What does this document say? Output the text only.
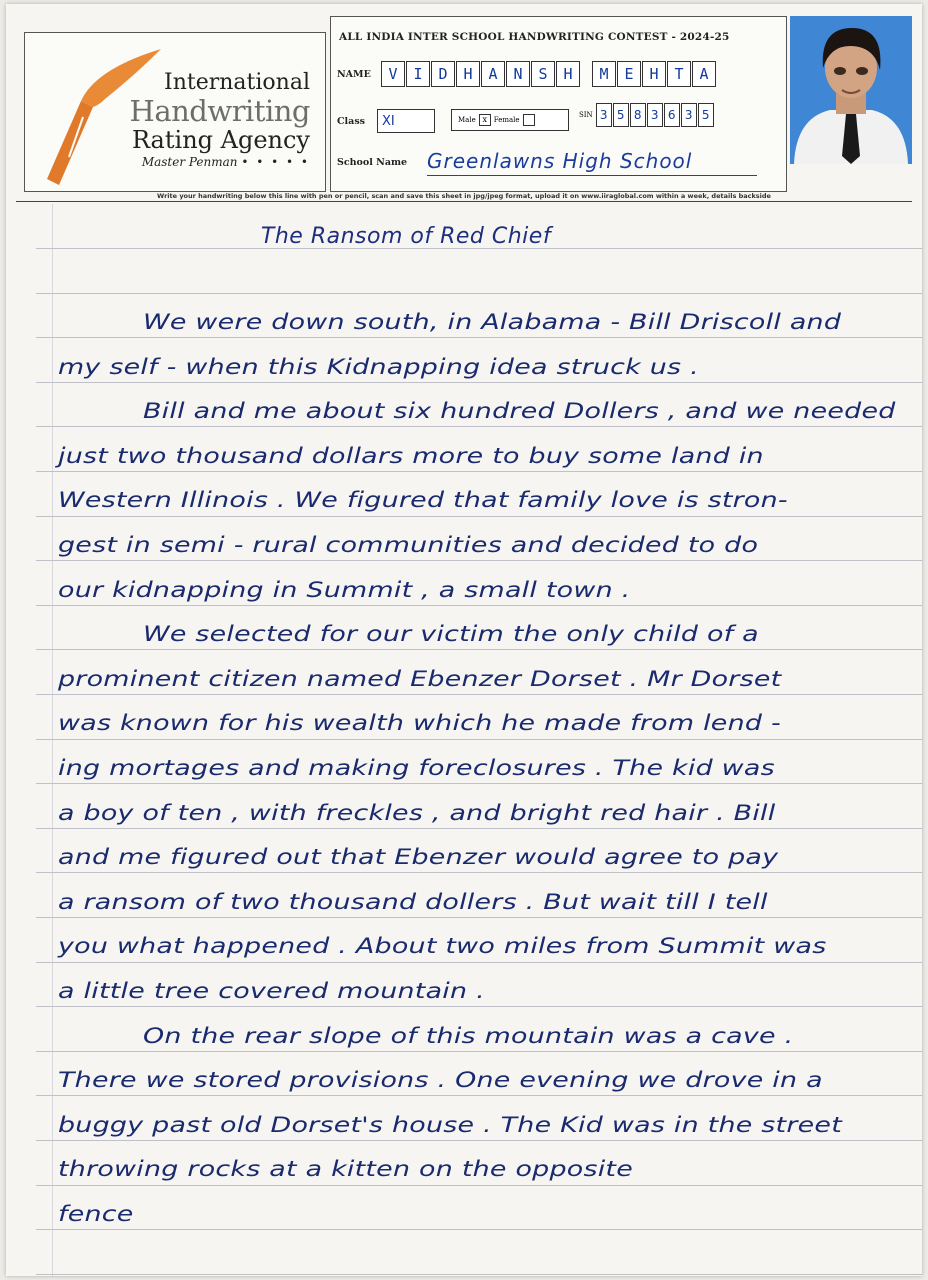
International
Handwriting
Rating Agency
Master Penman • • • • •
ALL INDIA INTER SCHOOL HANDWRITING CONTEST - 2024-25
NAME	V	I	D	H	A	N	S	H	M	E	H	T	A
Class	XI	Male x Female
SIN 3 5 8 3 6 3 5
School Name Greenlawns High School
Write your handwriting below this line with pen or pencil, scan and save this sheet in jpg/jpeg format, upload it on www.iiraglobal.com within a week, details backside
The Ransom of Red Chief
We were down south, in Alabama - Bill Driscoll and
my self - when this Kidnapping idea struck us .
Bill and me about six hundred Dollers , and we needed
just two thousand dollars more to buy some land in
Western Illinois . We figured that family love is stron-
gest in semi - rural communities and decided to do
our kidnapping in Summit , a small town .
We selected for our victim the only child of a
prominent citizen named Ebenzer Dorset . Mr Dorset
was known for his wealth which he made from lend -
ing mortages and making foreclosures . The kid was
a boy of ten , with freckles , and bright red hair . Bill
and me figured out that Ebenzer would agree to pay
a ransom of two thousand dollers . But wait till I tell
you what happened . About two miles from Summit was
a little tree covered mountain .
On the rear slope of this mountain was a cave .
There we stored provisions . One evening we drove in a
buggy past old Dorset's house . The Kid was in the street
throwing rocks at a kitten on the opposite
fence
